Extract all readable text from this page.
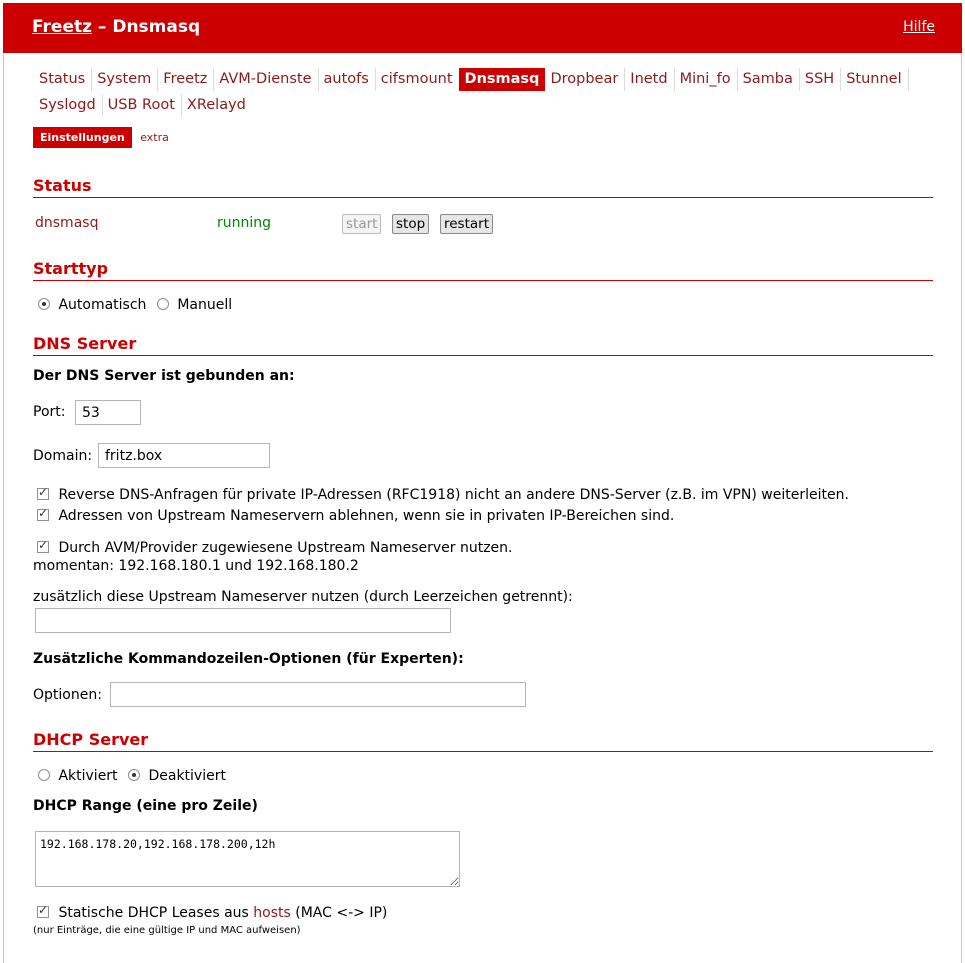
Freetz – Dnsmasq	Hilfe
Status System Freetz AVM-Dienste autofs cifsmount Dnsmasq Dropbear Inetd Mini_fo Samba SSH StunnelSyslogd USB Root XRelayd
Einstellungen extra
Status
dnsmasq	running	start stop restart
Starttyp
Automatisch Manuell
DNS Server
Der DNS Server ist gebunden an:
Port:
53
Domain:
fritz.box
✓ Reverse DNS-Anfragen für private IP-Adressen (RFC1918) nicht an andere DNS-Server (z.B. im VPN) weiterleiten.
✓ Adressen von Upstream Nameservern ablehnen, wenn sie in privaten IP-Bereichen sind.
✓ Durch AVM/Provider zugewiesene Upstream Nameserver nutzen.
momentan: 192.168.180.1 und 192.168.180.2
zusätzlich diese Upstream Nameserver nutzen (durch Leerzeichen getrennt):
Zusätzliche Kommandozeilen-Optionen (für Experten):
Optionen:
DHCP Server
Aktiviert Deaktiviert
DHCP Range (eine pro Zeile)
192.168.178.20,192.168.178.200,12h
✓ Statische DHCP Leases aus hosts (MAC <-> IP)
(nur Einträge, die eine gültige IP und MAC aufweisen)
